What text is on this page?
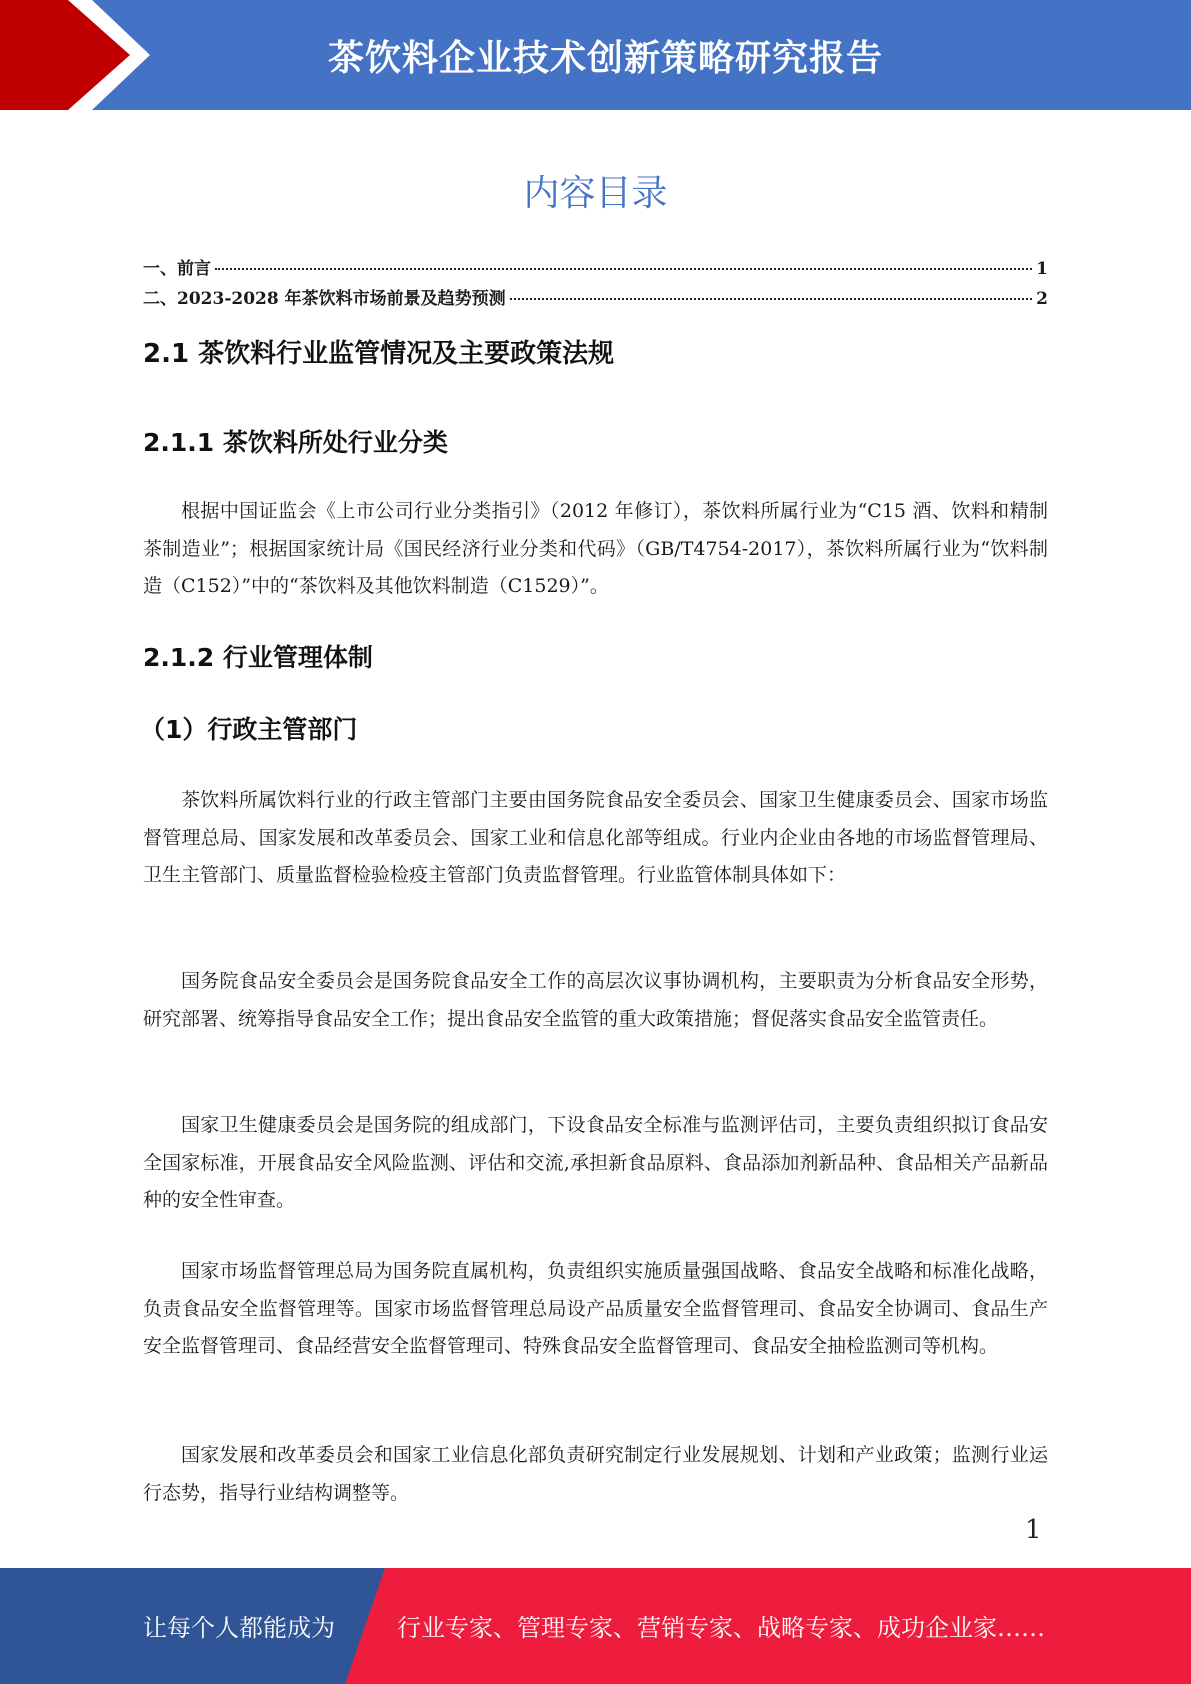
茶饮料企业技术创新策略研究报告
内容目录
一、前言	1
二、2023-2028 年茶饮料市场前景及趋势预测	2
2.1 茶饮料行业监管情况及主要政策法规
2.1.1 茶饮料所处行业分类
根据中国证监会《上市公司行业分类指引》（2012 年修订），茶饮料所属行业为“C15 酒、饮料和精制茶制造业”；根据国家统计局《国民经济行业分类和代码》（GB/T4754-2017），茶饮料所属行业为“饮料制造（C152）”中的“茶饮料及其他饮料制造（C1529）”。
2.1.2 行业管理体制
（1）行政主管部门
茶饮料所属饮料行业的行政主管部门主要由国务院食品安全委员会、国家卫生健康委员会、国家市场监督管理总局、国家发展和改革委员会、国家工业和信息化部等组成。行业内企业由各地的市场监督管理局、卫生主管部门、质量监督检验检疫主管部门负责监督管理。行业监管体制具体如下：
国务院食品安全委员会是国务院食品安全工作的高层次议事协调机构，主要职责为分析食品安全形势，研究部署、统筹指导食品安全工作；提出食品安全监管的重大政策措施；督促落实食品安全监管责任。
国家卫生健康委员会是国务院的组成部门，下设食品安全标准与监测评估司，主要负责组织拟订食品安全国家标准，开展食品安全风险监测、评估和交流,承担新食品原料、食品添加剂新品种、食品相关产品新品种的安全性审查。
国家市场监督管理总局为国务院直属机构，负责组织实施质量强国战略、食品安全战略和标准化战略，负责食品安全监督管理等。国家市场监督管理总局设产品质量安全监督管理司、食品安全协调司、食品生产安全监督管理司、食品经营安全监督管理司、特殊食品安全监督管理司、食品安全抽检监测司等机构。
国家发展和改革委员会和国家工业信息化部负责研究制定行业发展规划、计划和产业政策；监测行业运行态势，指导行业结构调整等。
1
让每个人都能成为	行业专家、管理专家、营销专家、战略专家、成功企业家……
